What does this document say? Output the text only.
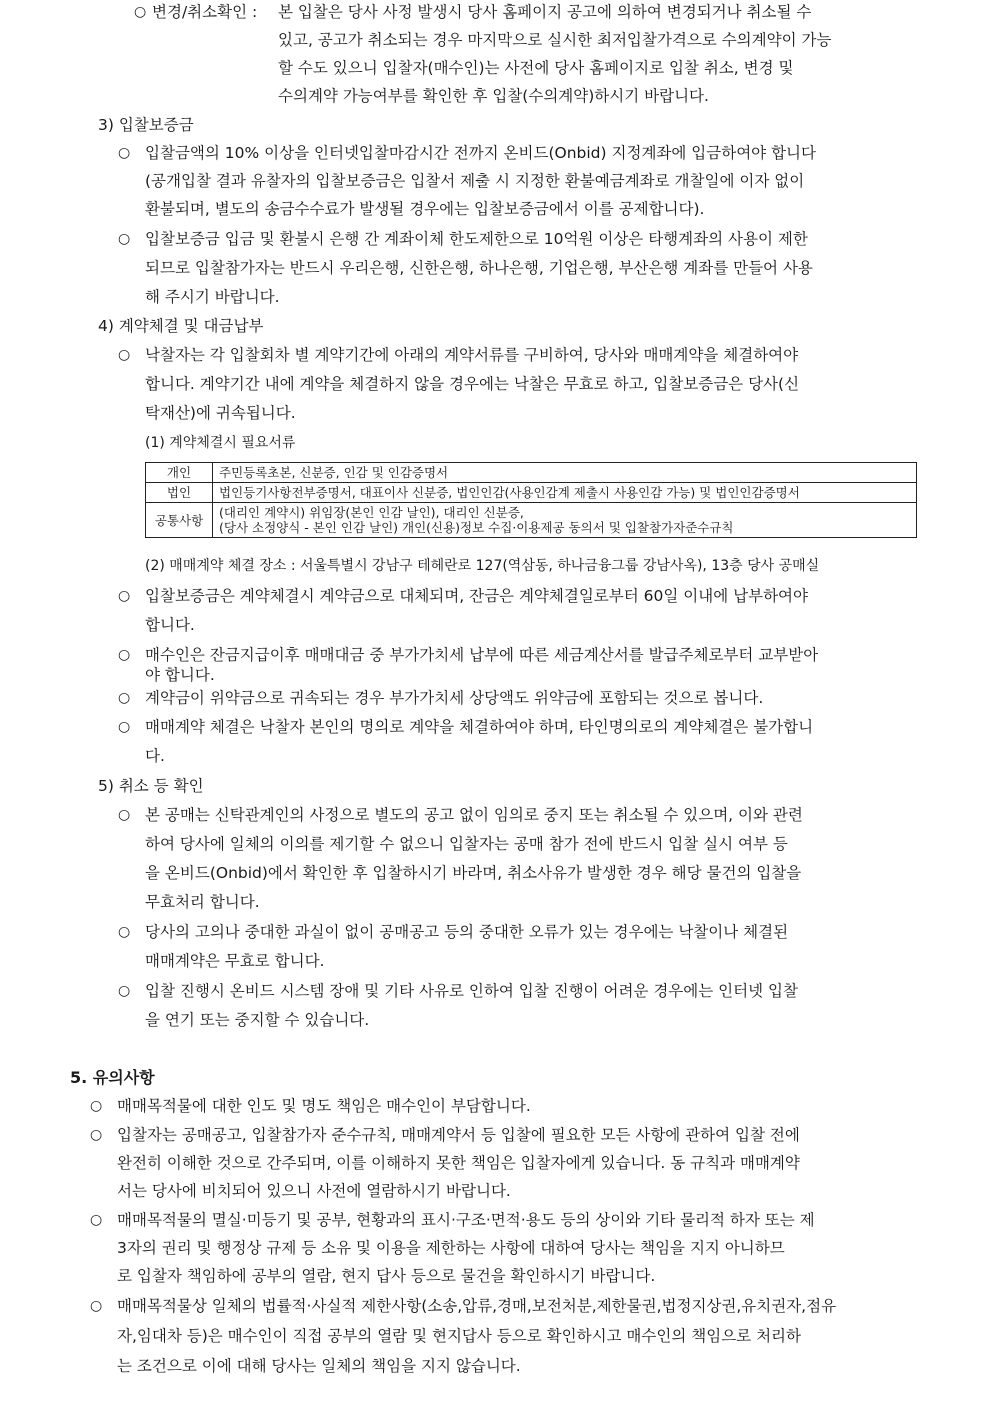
○ 변경/취소확인 : 본 입찰은 당사 사정 발생시 당사 홈페이지 공고에 의하여 변경되거나 취소될 수
있고, 공고가 취소되는 경우 마지막으로 실시한 최저입찰가격으로 수의계약이 가능
할 수도 있으니 입찰자(매수인)는 사전에 당사 홈페이지로 입찰 취소, 변경 및
수의계약 가능여부를 확인한 후 입찰(수의계약)하시기 바랍니다.
3) 입찰보증금
○ 입찰금액의 10% 이상을 인터넷입찰마감시간 전까지 온비드(Onbid) 지정계좌에 입금하여야 합니다
(공개입찰 결과 유찰자의 입찰보증금은 입찰서 제출 시 지정한 환불예금계좌로 개찰일에 이자 없이
환불되며, 별도의 송금수수료가 발생될 경우에는 입찰보증금에서 이를 공제합니다).
○ 입찰보증금 입금 및 환불시 은행 간 계좌이체 한도제한으로 10억원 이상은 타행계좌의 사용이 제한
되므로 입찰참가자는 반드시 우리은행, 신한은행, 하나은행, 기업은행, 부산은행 계좌를 만들어 사용
해 주시기 바랍니다.
4) 계약체결 및 대금납부
○ 낙찰자는 각 입찰회차 별 계약기간에 아래의 계약서류를 구비하여, 당사와 매매계약을 체결하여야
합니다. 계약기간 내에 계약을 체결하지 않을 경우에는 낙찰은 무효로 하고, 입찰보증금은 당사(신
탁재산)에 귀속됩니다.
(1) 계약체결시 필요서류
개인	주민등록초본, 신분증, 인감 및 인감증명서
법인	법인등기사항전부증명서, 대표이사 신분증, 법인인감(사용인감계 제출시 사용인감 가능) 및 법인인감증명서
공통사항	(대리인 계약시) 위임장(본인 인감 날인), 대리인 신분증,
(당사 소정양식 - 본인 인감 날인) 개인(신용)정보 수집·이용제공 동의서 및 입찰참가자준수규칙
(2) 매매계약 체결 장소 : 서울특별시 강남구 테헤란로 127(역삼동, 하나금융그룹 강남사옥), 13층 당사 공매실
○ 입찰보증금은 계약체결시 계약금으로 대체되며, 잔금은 계약체결일로부터 60일 이내에 납부하여야
합니다.
○ 매수인은 잔금지급이후 매매대금 중 부가가치세 납부에 따른 세금계산서를 발급주체로부터 교부받아
야 합니다.
○ 계약금이 위약금으로 귀속되는 경우 부가가치세 상당액도 위약금에 포함되는 것으로 봅니다.
○ 매매계약 체결은 낙찰자 본인의 명의로 계약을 체결하여야 하며, 타인명의로의 계약체결은 불가합니
다.
5) 취소 등 확인
○ 본 공매는 신탁관계인의 사정으로 별도의 공고 없이 임의로 중지 또는 취소될 수 있으며, 이와 관련
하여 당사에 일체의 이의를 제기할 수 없으니 입찰자는 공매 참가 전에 반드시 입찰 실시 여부 등
을 온비드(Onbid)에서 확인한 후 입찰하시기 바라며, 취소사유가 발생한 경우 해당 물건의 입찰을
무효처리 합니다.
○ 당사의 고의나 중대한 과실이 없이 공매공고 등의 중대한 오류가 있는 경우에는 낙찰이나 체결된
매매계약은 무효로 합니다.
○ 입찰 진행시 온비드 시스템 장애 및 기타 사유로 인하여 입찰 진행이 어려운 경우에는 인터넷 입찰
을 연기 또는 중지할 수 있습니다.
5. 유의사항
○ 매매목적물에 대한 인도 및 명도 책임은 매수인이 부담합니다.
○ 입찰자는 공매공고, 입찰참가자 준수규칙, 매매계약서 등 입찰에 필요한 모든 사항에 관하여 입찰 전에
완전히 이해한 것으로 간주되며, 이를 이해하지 못한 책임은 입찰자에게 있습니다. 동 규칙과 매매계약
서는 당사에 비치되어 있으니 사전에 열람하시기 바랍니다.
○ 매매목적물의 멸실·미등기 및 공부, 현황과의 표시·구조·면적·용도 등의 상이와 기타 물리적 하자 또는 제
3자의 권리 및 행정상 규제 등 소유 및 이용을 제한하는 사항에 대하여 당사는 책임을 지지 아니하므
로 입찰자 책임하에 공부의 열람, 현지 답사 등으로 물건을 확인하시기 바랍니다.
○ 매매목적물상 일체의 법률적·사실적 제한사항(소송,압류,경매,보전처분,제한물권,법정지상권,유치권자,점유
자,임대차 등)은 매수인이 직접 공부의 열람 및 현지답사 등으로 확인하시고 매수인의 책임으로 처리하
는 조건으로 이에 대해 당사는 일체의 책임을 지지 않습니다.
